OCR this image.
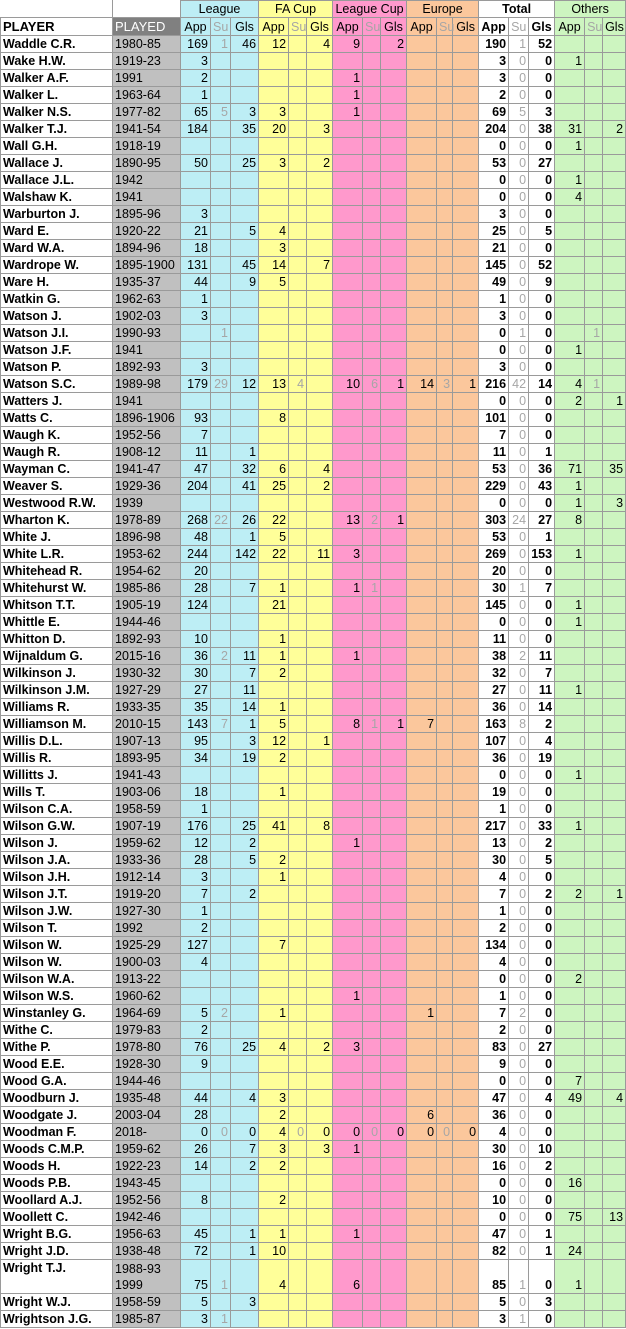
		League			FA Cup			League Cup			Europe			Total			Others		
PLAYER	PLAYED	App	Su	Gls	App	Su	Gls	App	Su	Gls	App	Su	Gls	App	Su	Gls	App	Su	Gls
Waddle C.R.	1980-85	169	1	46	12		4	9		2				190	1	52			
Wake H.W.	1919-23	3												3	0	0	1		
Walker A.F.	1991	2						1						3	0	0			
Walker L.	1963-64	1						1						2	0	0			
Walker N.S.	1977-82	65	5	3	3			1						69	5	3			
Walker T.J.	1941-54	184		35	20		3							204	0	38	31		2
Wall G.H.	1918-19													0	0	0	1		
Wallace J.	1890-95	50		25	3		2							53	0	27			
Wallace J.L.	1942													0	0	0	1		
Walshaw K.	1941													0	0	0	4		
Warburton J.	1895-96	3												3	0	0			
Ward E.	1920-22	21		5	4									25	0	5			
Ward W.A.	1894-96	18			3									21	0	0			
Wardrope W.	1895-1900	131		45	14		7							145	0	52			
Ware H.	1935-37	44		9	5									49	0	9			
Watkin G.	1962-63	1												1	0	0			
Watson J.	1902-03	3												3	0	0			
Watson J.I.	1990-93		1											0	1	0		1	
Watson J.F.	1941													0	0	0	1		
Watson P.	1892-93	3												3	0	0			
Watson S.C.	1989-98	179	29	12	13	4		10	6	1	14	3	1	216	42	14	4	1	
Watters J.	1941													0	0	0	2		1
Watts C.	1896-1906	93			8									101	0	0			
Waugh K.	1952-56	7												7	0	0			
Waugh R.	1908-12	11		1										11	0	1			
Wayman C.	1941-47	47		32	6		4							53	0	36	71		35
Weaver S.	1929-36	204		41	25		2							229	0	43	1		
Westwood R.W.	1939													0	0	0	1		3
Wharton K.	1978-89	268	22	26	22			13	2	1				303	24	27	8		
White J.	1896-98	48		1	5									53	0	1			
White L.R.	1953-62	244		142	22		11	3						269	0	153	1		
Whitehead R.	1954-62	20												20	0	0			
Whitehurst W.	1985-86	28		7	1			1	1					30	1	7			
Whitson T.T.	1905-19	124			21									145	0	0	1		
Whittle E.	1944-46													0	0	0	1		
Whitton D.	1892-93	10			1									11	0	0			
Wijnaldum G.	2015-16	36	2	11	1			1						38	2	11			
Wilkinson J.	1930-32	30		7	2									32	0	7			
Wilkinson J.M.	1927-29	27		11										27	0	11	1		
Williams R.	1933-35	35		14	1									36	0	14			
Williamson M.	2010-15	143	7	1	5			8	1	1	7			163	8	2			
Willis D.L.	1907-13	95		3	12		1							107	0	4			
Willis R.	1893-95	34		19	2									36	0	19			
Willitts J.	1941-43													0	0	0	1		
Wills T.	1903-06	18			1									19	0	0			
Wilson C.A.	1958-59	1												1	0	0			
Wilson G.W.	1907-19	176		25	41		8							217	0	33	1		
Wilson J.	1959-62	12		2				1						13	0	2			
Wilson J.A.	1933-36	28		5	2									30	0	5			
Wilson J.H.	1912-14	3			1									4	0	0			
Wilson J.T.	1919-20	7		2										7	0	2	2		1
Wilson J.W.	1927-30	1												1	0	0			
Wilson T.	1992	2												2	0	0			
Wilson W.	1925-29	127			7									134	0	0			
Wilson W.	1900-03	4												4	0	0			
Wilson W.A.	1913-22													0	0	0	2		
Wilson W.S.	1960-62							1						1	0	0			
Winstanley G.	1964-69	5	2		1						1			7	2	0			
Withe C.	1979-83	2												2	0	0			
Withe P.	1978-80	76		25	4		2	3						83	0	27			
Wood E.E.	1928-30	9												9	0	0			
Wood G.A.	1944-46													0	0	0	7		
Woodburn J.	1935-48	44		4	3									47	0	4	49		4
Woodgate J.	2003-04	28			2						6			36	0	0			
Woodman F.	2018-	0	0	0	4	0	0	0	0	0	0	0	0	4	0	0			
Woods C.M.P.	1959-62	26		7	3		3	1						30	0	10			
Woods H.	1922-23	14		2	2									16	0	2			
Woods P.B.	1943-45													0	0	0	16		
Woollard A.J.	1952-56	8			2									10	0	0			
Woollett C.	1942-46													0	0	0	75		13
Wright B.G.	1956-63	45		1	1			1						47	0	1			
Wright J.D.	1938-48	72		1	10									82	0	1	24		
Wright T.J.	1988-93 1999	75	1		4			6						85	1	0	1		
Wright W.J.	1958-59	5		3										5	0	3			
Wrightson J.G.	1985-87	3	1											3	1	0			
